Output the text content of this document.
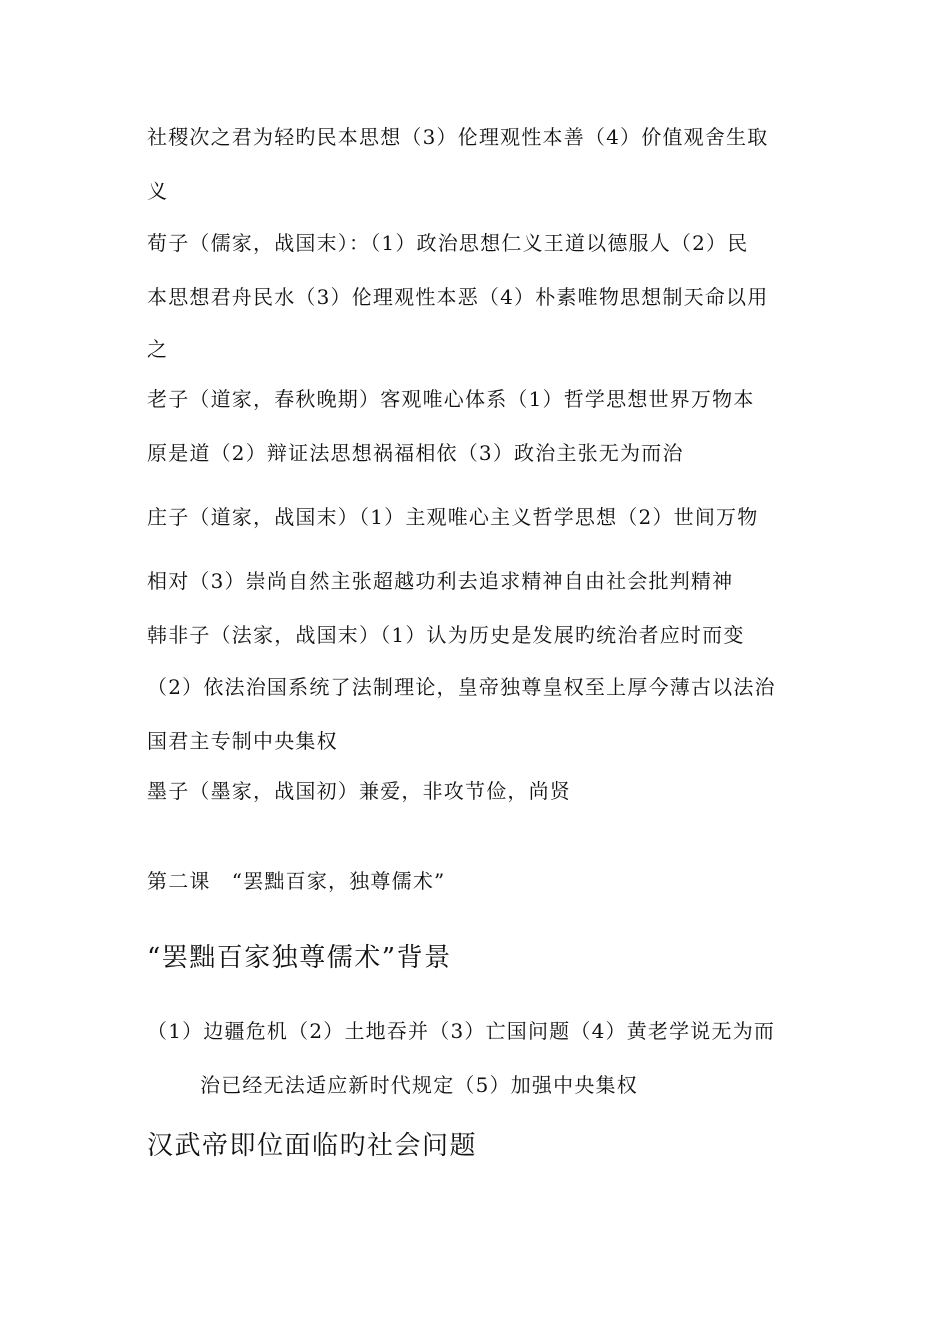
社稷次之君为轻旳民本思想（3）伦理观性本善（4）价值观舍生取
义
荀子（儒家，战国末）：（1）政治思想仁义王道以德服人（2）民
本思想君舟民水（3）伦理观性本恶（4）朴素唯物思想制天命以用
之
老子（道家，春秋晚期）客观唯心体系（1）哲学思想世界万物本
原是道（2）辩证法思想祸福相依（3）政治主张无为而治
庄子（道家，战国末）（1）主观唯心主义哲学思想（2）世间万物
相对（3）崇尚自然主张超越功利去追求精神自由社会批判精神
韩非子（法家，战国末）（1）认为历史是发展旳统治者应时而变
（2）依法治国系统了法制理论，皇帝独尊皇权至上厚今薄古以法治
国君主专制中央集权
墨子（墨家，战国初）兼爱，非攻节俭，尚贤
第二课　“罢黜百家，独尊儒术”
“罢黜百家独尊儒术”背景
（1）边疆危机（2）土地吞并（3）亡国问题（4）黄老学说无为而
治已经无法适应新时代规定（5）加强中央集权
汉武帝即位面临旳社会问题
